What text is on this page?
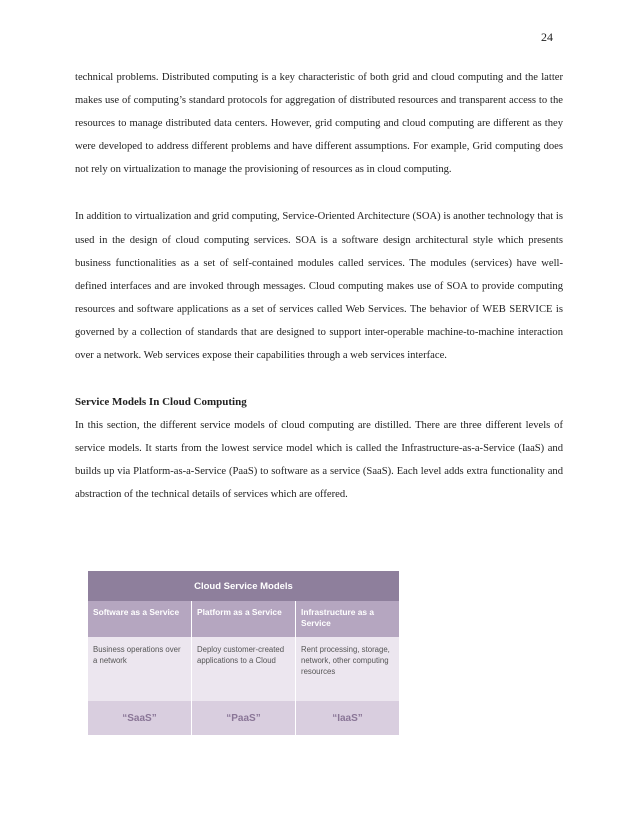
24

technical problems. Distributed computing is a key characteristic of both grid and cloud computing and the latter makes use of computing’s standard protocols for aggregation of distributed resources and transparent access to the resources to manage distributed data centers. However, grid computing and cloud computing are different as they were developed to address different problems and have different assumptions. For example, Grid computing does not rely on virtualization to manage the provisioning of resources as in cloud computing.

In addition to virtualization and grid computing, Service-Oriented Architecture (SOA) is another technology that is used in the design of cloud computing services. SOA is a software design architectural style which presents business functionalities as a set of self-contained modules called services. The modules (services) have well-defined interfaces and are invoked through messages. Cloud computing makes use of SOA to provide computing resources and software applications as a set of services called Web Services. The behavior of WEB SERVICE is governed by a collection of standards that are designed to support inter-operable machine-to-machine interaction over a network. Web services expose their capabilities through a web services interface.

Service Models In Cloud Computing

In this section, the different service models of cloud computing are distilled. There are three different levels of service models. It starts from the lowest service model which is called the Infrastructure-as-a-Service (IaaS) and builds up via Platform-as-a-Service (PaaS) to software as a service (SaaS). Each level adds extra functionality and abstraction of the technical details of services which are offered.

Cloud Service Models
Software as a Service
Business operations over a network
“SaaS”
Platform as a Service
Deploy customer-created applications to a Cloud
“PaaS”
Infrastructure as a Service
Rent processing, storage, network, other computing resources
“IaaS”
